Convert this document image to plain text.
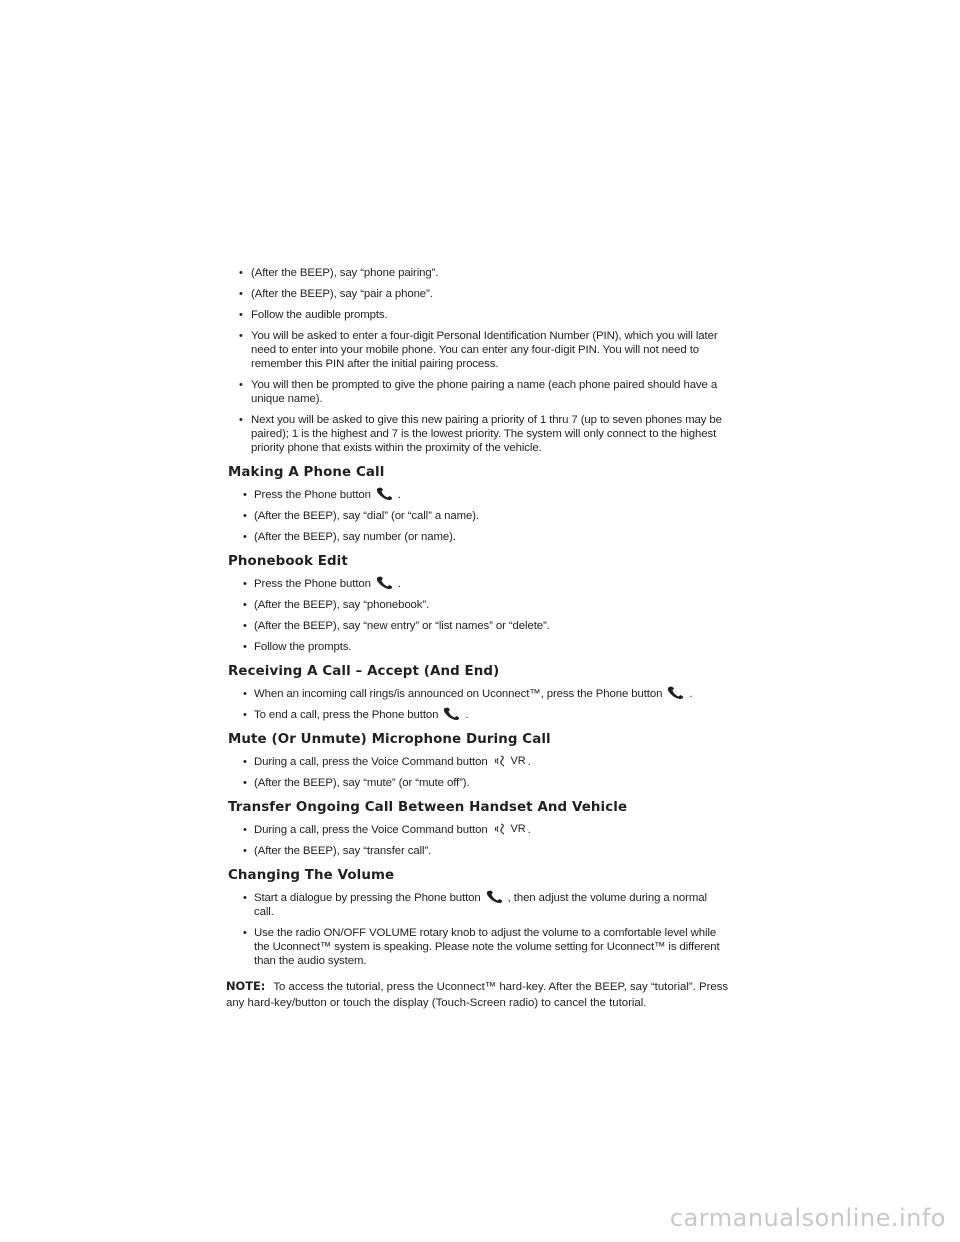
• (After the BEEP), say “phone pairing”.
• (After the BEEP), say “pair a phone”.
• Follow the audible prompts.
• You will be asked to enter a four-digit Personal Identification Number (PIN), which you will later need to enter into your mobile phone. You can enter any four-digit PIN. You will not need to remember this PIN after the initial pairing process.
• You will then be prompted to give the phone pairing a name (each phone paired should have a unique name).
• Next you will be asked to give this new pairing a priority of 1 thru 7 (up to seven phones may be paired); 1 is the highest and 7 is the lowest priority. The system will only connect to the highest priority phone that exists within the proximity of the vehicle.
Making A Phone Call
• Press the Phone button .
• (After the BEEP), say “dial” (or “call” a name).
• (After the BEEP), say number (or name).
Phonebook Edit
• Press the Phone button .
• (After the BEEP), say “phonebook”.
• (After the BEEP), say “new entry” or “list names” or “delete”.
• Follow the prompts.
Receiving A Call – Accept (And End)
• When an incoming call rings/is announced on Uconnect™, press the Phone button .
• To end a call, press the Phone button .
Mute (Or Unmute) Microphone During Call
• During a call, press the Voice Command button VR .
• (After the BEEP), say “mute” (or “mute off”).
Transfer Ongoing Call Between Handset And Vehicle
• During a call, press the Voice Command button VR .
• (After the BEEP), say “transfer call”.
Changing The Volume
• Start a dialogue by pressing the Phone button , then adjust the volume during a normal call.
• Use the radio ON/OFF VOLUME rotary knob to adjust the volume to a comfortable level while the Uconnect™ system is speaking. Please note the volume setting for Uconnect™ is different than the audio system.
NOTE: To access the tutorial, press the Uconnect™ hard-key. After the BEEP, say “tutorial”. Press any hard-key/button or touch the display (Touch-Screen radio) to cancel the tutorial.
carmanualsonline.info
